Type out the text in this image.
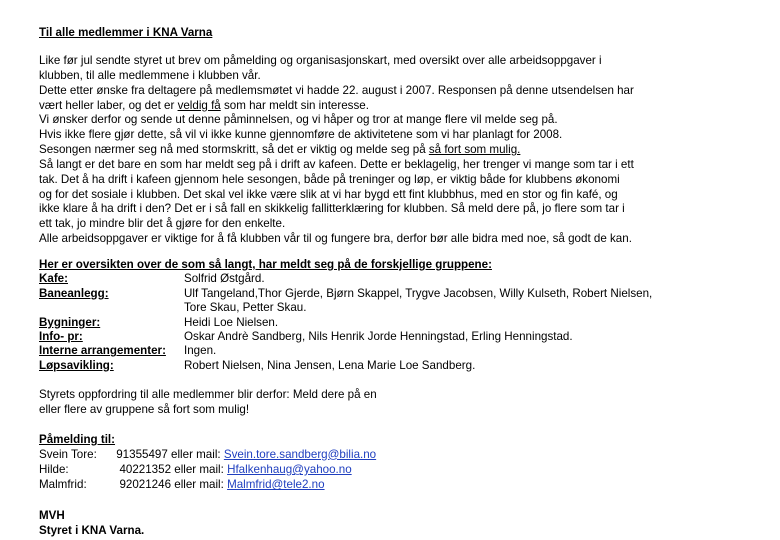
Til alle medlemmer i KNA Varna
Like før jul sendte styret ut brev om påmelding og organisasjonskart, med oversikt over alle arbeidsoppgaver i
klubben, til alle medlemmene i klubben vår.
Dette etter ønske fra deltagere på medlemsmøtet vi hadde 22. august i 2007. Responsen på denne utsendelsen har
vært heller laber, og det er veldig få som har meldt sin interesse.
Vi ønsker derfor og sende ut denne påminnelsen, og vi håper og tror at mange flere vil melde seg på.
Hvis ikke flere gjør dette, så vil vi ikke kunne gjennomføre de aktivitetene som vi har planlagt for 2008.
Sesongen nærmer seg nå med stormskritt, så det er viktig og melde seg på så fort som mulig.
Så langt er det bare en som har meldt seg på i drift av kafeen. Dette er beklagelig, her trenger vi mange som tar i ett
tak. Det å ha drift i kafeen gjennom hele sesongen, både på treninger og løp, er viktig både for klubbens økonomi
og for det sosiale i klubben. Det skal vel ikke være slik at vi har bygd ett fint klubbhus, med en stor og fin kafé, og
ikke klare å ha drift i den? Det er i så fall en skikkelig fallitterklæring for klubben. Så meld dere på, jo flere som tar i
ett tak, jo mindre blir det å gjøre for den enkelte.
Alle arbeidsoppgaver er viktige for å få klubben vår til og fungere bra, derfor bør alle bidra med noe, så godt de kan.
Her er oversikten over de som så langt, har meldt seg på de forskjellige gruppene:
Kafe:	Solfrid Østgård.
Baneanlegg:	Ulf Tangeland,Thor Gjerde, Bjørn Skappel, Trygve Jacobsen, Willy Kulseth, Robert Nielsen, Tore Skau, Petter Skau.
Bygninger:	Heidi Loe Nielsen.
Info- pr:	Oskar Andrè Sandberg, Nils Henrik Jorde Henningstad, Erling Henningstad.
Interne arrangementer:	Ingen.
Løpsavikling:	Robert Nielsen, Nina Jensen, Lena Marie Loe Sandberg.
Styrets oppfordring til alle medlemmer blir derfor: Meld dere på en
eller flere av gruppene så fort som mulig!
Påmelding til:
Svein Tore:	91355497 eller mail: Svein.tore.sandberg@bilia.no
Hilde:	40221352 eller mail: Hfalkenhaug@yahoo.no
Malmfrid:	92021246 eller mail: Malmfrid@tele2.no
MVH
Styret i KNA Varna.
